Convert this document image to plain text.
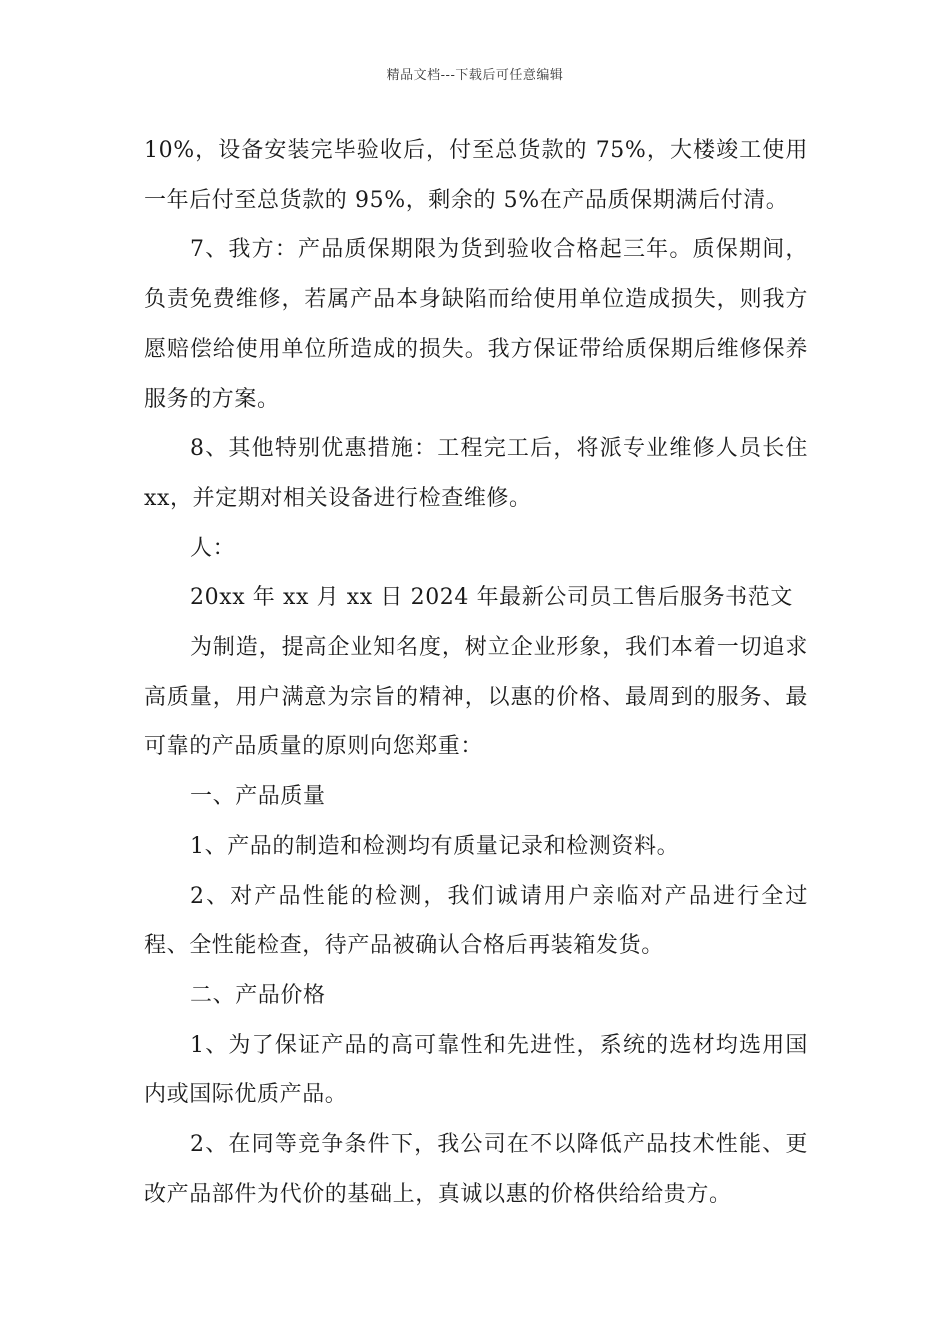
精品文档---下载后可任意编辑

10%，设备安装完毕验收后，付至总货款的 75%，大楼竣工使用一年后付至总货款的 95%，剩余的 5%在产品质保期满后付清。

7、我方：产品质保期限为货到验收合格起三年。质保期间，负责免费维修，若属产品本身缺陷而给使用单位造成损失，则我方愿赔偿给使用单位所造成的损失。我方保证带给质保期后维修保养服务的方案。

8、其他特别优惠措施：工程完工后，将派专业维修人员长住 xx，并定期对相关设备进行检查维修。

人：

20xx 年 xx 月 xx 日 2024 年最新公司员工售后服务书范文

为制造，提高企业知名度，树立企业形象，我们本着一切追求高质量，用户满意为宗旨的精神，以惠的价格、最周到的服务、最可靠的产品质量的原则向您郑重：

一、产品质量

1、产品的制造和检测均有质量记录和检测资料。

2、对产品性能的检测，我们诚请用户亲临对产品进行全过程、全性能检查，待产品被确认合格后再装箱发货。

二、产品价格

1、为了保证产品的高可靠性和先进性，系统的选材均选用国内或国际优质产品。

2、在同等竞争条件下，我公司在不以降低产品技术性能、更改产品部件为代价的基础上，真诚以惠的价格供给给贵方。
